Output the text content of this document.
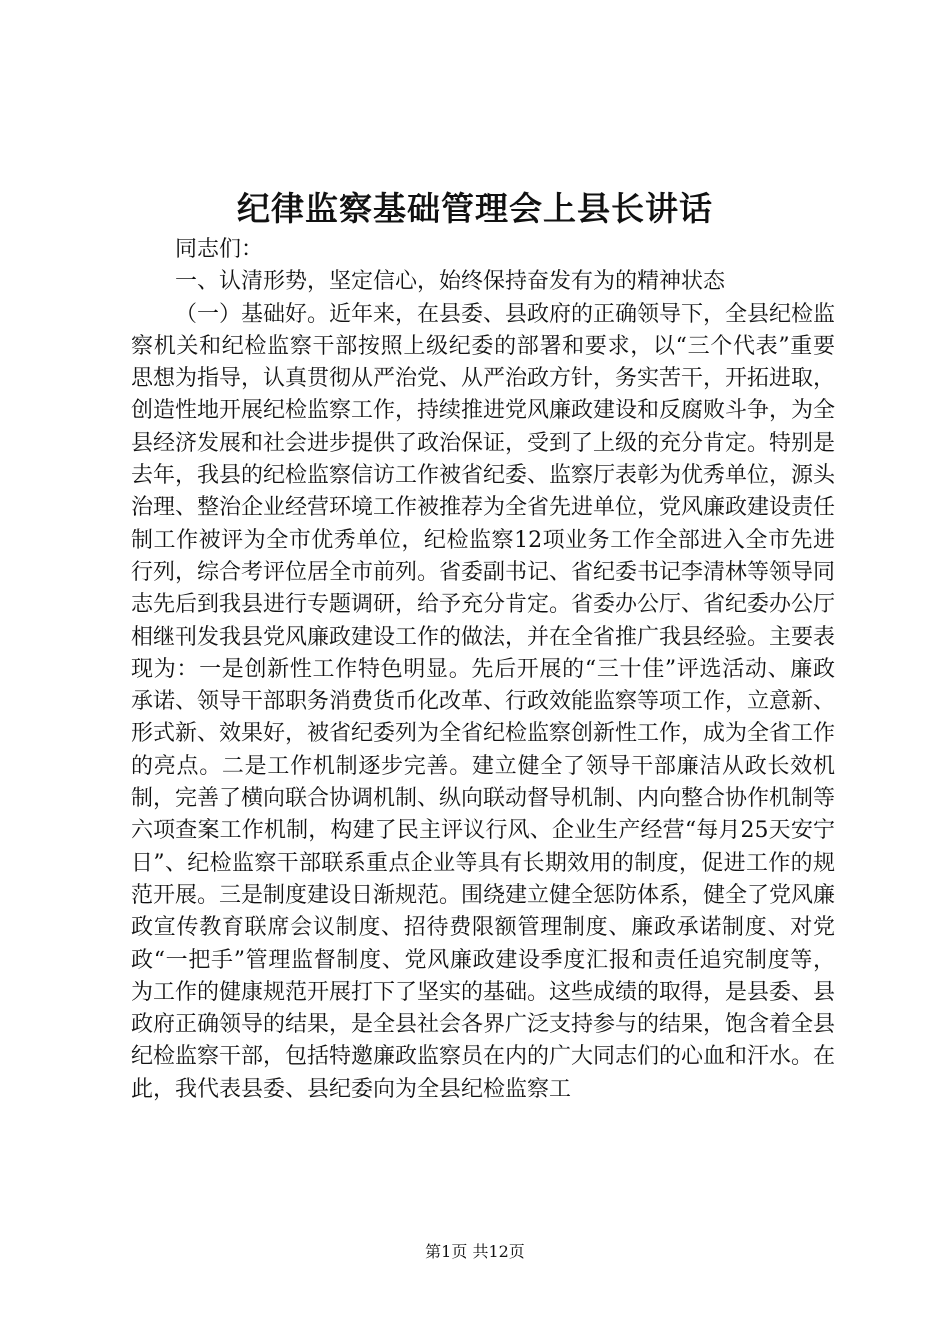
纪律监察基础管理会上县长讲话

同志们：

一、认清形势，坚定信心，始终保持奋发有为的精神状态

（一）基础好。近年来，在县委、县政府的正确领导下，全县纪检监察机关和纪检监察干部按照上级纪委的部署和要求，以“三个代表”重要思想为指导，认真贯彻从严治党、从严治政方针，务实苦干，开拓进取，创造性地开展纪检监察工作，持续推进党风廉政建设和反腐败斗争，为全县经济发展和社会进步提供了政治保证，受到了上级的充分肯定。特别是去年，我县的纪检监察信访工作被省纪委、监察厅表彰为优秀单位，源头治理、整治企业经营环境工作被推荐为全省先进单位，党风廉政建设责任制工作被评为全市优秀单位，纪检监察12项业务工作全部进入全市先进行列，综合考评位居全市前列。省委副书记、省纪委书记李清林等领导同志先后到我县进行专题调研，给予充分肯定。省委办公厅、省纪委办公厅相继刊发我县党风廉政建设工作的做法，并在全省推广我县经验。主要表现为：一是创新性工作特色明显。先后开展的“三十佳”评选活动、廉政承诺、领导干部职务消费货币化改革、行政效能监察等项工作，立意新、形式新、效果好，被省纪委列为全省纪检监察创新性工作，成为全省工作的亮点。二是工作机制逐步完善。建立健全了领导干部廉洁从政长效机制，完善了横向联合协调机制、纵向联动督导机制、内向整合协作机制等六项查案工作机制，构建了民主评议行风、企业生产经营“每月25天安宁日”、纪检监察干部联系重点企业等具有长期效用的制度，促进工作的规范开展。三是制度建设日渐规范。围绕建立健全惩防体系，健全了党风廉政宣传教育联席会议制度、招待费限额管理制度、廉政承诺制度、对党政“一把手”管理监督制度、党风廉政建设季度汇报和责任追究制度等，为工作的健康规范开展打下了坚实的基础。这些成绩的取得，是县委、县政府正确领导的结果，是全县社会各界广泛支持参与的结果，饱含着全县纪检监察干部，包括特邀廉政监察员在内的广大同志们的心血和汗水。在此，我代表县委、县纪委向为全县纪检监察工

第1页 共12页
